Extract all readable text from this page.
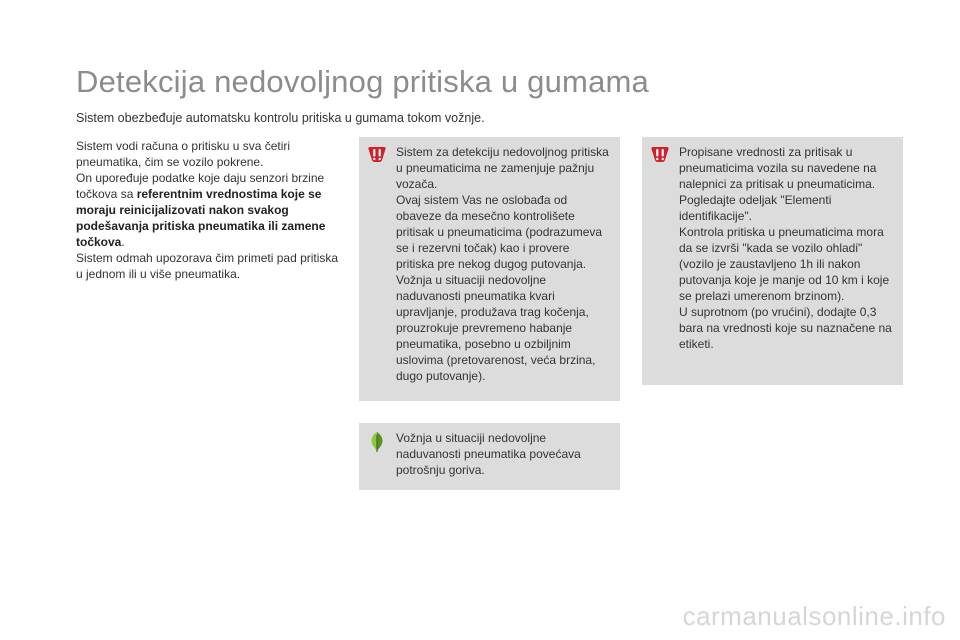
Detekcija nedovoljnog pritiska u gumama

Sistem obezbeđuje automatsku kontrolu pritiska u gumama tokom vožnje.

Sistem vodi računa o pritisku u sva četiri pneumatika, čim se vozilo pokrene.

On upoređuje podatke koje daju senzori brzine točkova sa referentnim vrednostima koje se moraju reinicijalizovati nakon svakog podešavanja pritiska pneumatika ili zamene točkova.

Sistem odmah upozorava čim primeti pad pritiska u jednom ili u više pneumatika.

Sistem za detekciju nedovoljnog pritiska u pneumaticima ne zamenjuje pažnju vozača.

Ovaj sistem Vas ne oslobađa od obaveze da mesečno kontrolišete pritisak u pneumaticima (podrazumeva se i rezervni točak) kao i provere pritiska pre nekog dugog putovanja.

Vožnja u situaciji nedovoljne naduvanosti pneumatika kvari upravljanje, produžava trag kočenja, prouzrokuje prevremeno habanje pneumatika, posebno u ozbiljnim uslovima (pretovarenost, veća brzina, dugo putovanje).

Propisane vrednosti za pritisak u pneumaticima vozila su navedene na nalepnici za pritisak u pneumaticima. Pogledajte odeljak "Elementi identifikacije".

Kontrola pritiska u pneumaticima mora da se izvrši "kada se vozilo ohladi" (vozilo je zaustavljeno 1h ili nakon putovanja koje je manje od 10 km i koje se prelazi umerenom brzinom).

U suprotnom (po vrućini), dodajte 0,3 bara na vrednosti koje su naznačene na etiketi.

Vožnja u situaciji nedovoljne naduvanosti pneumatika povećava potrošnju goriva.

carmanualsonline.info
